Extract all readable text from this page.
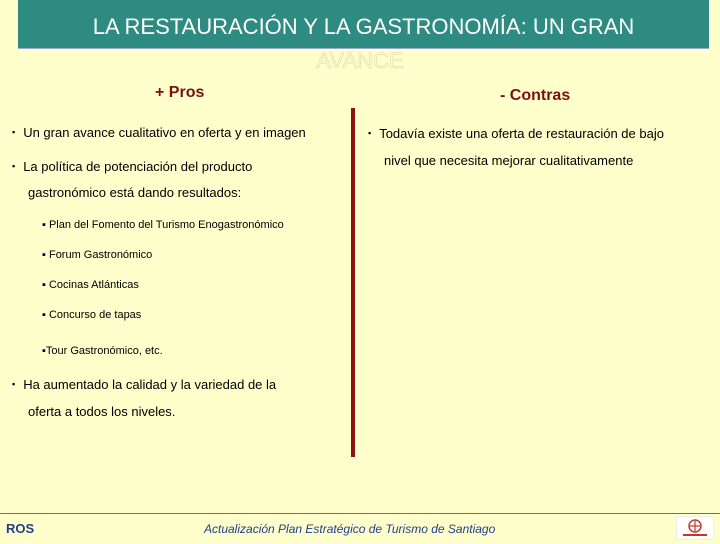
LA RESTAURACIÓN Y LA GASTRONOMÍA: UN GRAN
AVANCE
+ Pros	- Contras
▪ Un gran avance cualitativo en oferta y en imagen
▪ La política de potenciación del producto
gastronómico está dando resultados:
▪ Plan del Fomento del Turismo Enogastronómico
▪ Forum Gastronómico
▪ Cocinas Atlánticas
▪ Concurso de tapas
▪Tour Gastronómico, etc.
▪ Ha aumentado la calidad y la variedad de la
oferta a todos los niveles.
▪ Todavía existe una oferta de restauración de bajo
nivel que necesita mejorar cualitativamente
ROS	Actualización Plan Estratégico de Turismo de Santiago
